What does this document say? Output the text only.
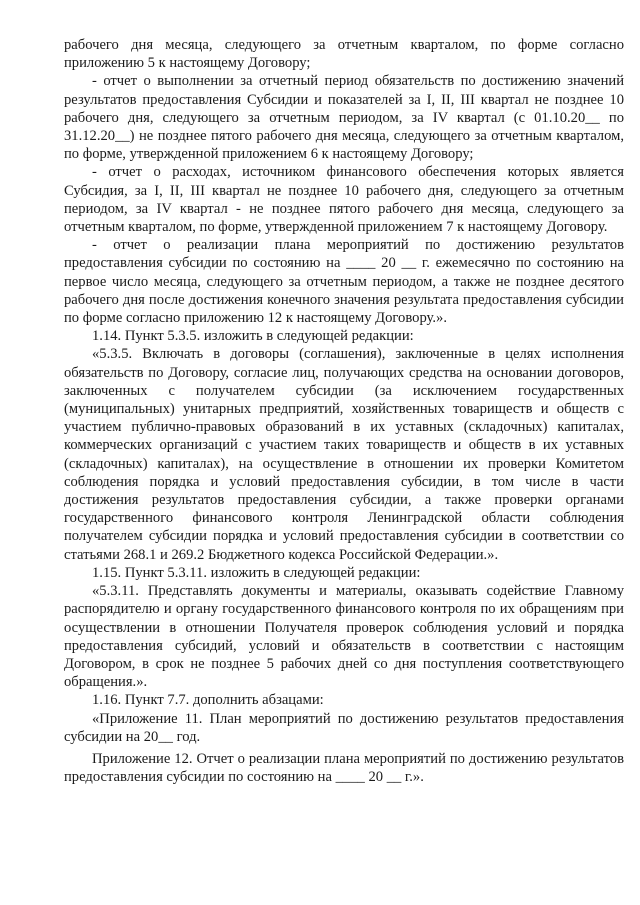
рабочего дня месяца, следующего за отчетным кварталом, по форме согласно приложению 5 к настоящему Договору;

- отчет о выполнении за отчетный период обязательств по достижению значений результатов предоставления Субсидии и показателей за I, II, III квартал не позднее 10 рабочего дня, следующего за отчетным периодом, за IV квартал (с 01.10.20__ по 31.12.20__) не позднее пятого рабочего дня месяца, следующего за отчетным кварталом, по форме, утвержденной приложением 6 к настоящему Договору;

- отчет о расходах, источником финансового обеспечения которых является Субсидия, за I, II, III квартал не позднее 10 рабочего дня, следующего за отчетным периодом, за IV квартал - не позднее пятого рабочего дня месяца, следующего за отчетным кварталом, по форме, утвержденной приложением 7 к настоящему Договору.

- отчет о реализации плана мероприятий по достижению результатов предоставления субсидии по состоянию на ____ 20 __ г. ежемесячно по состоянию на первое число месяца, следующего за отчетным периодом, а также не позднее десятого рабочего дня после достижения конечного значения результата предоставления субсидии по форме согласно приложению 12 к настоящему Договору.».

1.14. Пункт 5.3.5. изложить в следующей редакции:

«5.3.5. Включать в договоры (соглашения), заключенные в целях исполнения обязательств по Договору, согласие лиц, получающих средства на основании договоров, заключенных с получателем субсидии (за исключением государственных (муниципальных) унитарных предприятий, хозяйственных товариществ и обществ с участием публично-правовых образований в их уставных (складочных) капиталах, коммерческих организаций с участием таких товариществ и обществ в их уставных (складочных) капиталах), на осуществление в отношении их проверки Комитетом соблюдения порядка и условий предоставления субсидии, в том числе в части достижения результатов предоставления субсидии, а также проверки органами государственного финансового контроля Ленинградской области соблюдения получателем субсидии порядка и условий предоставления субсидии в соответствии со статьями 268.1 и 269.2 Бюджетного кодекса Российской Федерации.».

1.15. Пункт 5.3.11. изложить в следующей редакции:

«5.3.11. Представлять документы и материалы, оказывать содействие Главному распорядителю и органу государственного финансового контроля по их обращениям при осуществлении в отношении Получателя проверок соблюдения условий и порядка предоставления субсидий, условий и обязательств в соответствии с настоящим Договором, в срок не позднее 5 рабочих дней со дня поступления соответствующего обращения.».

1.16. Пункт 7.7. дополнить абзацами:

«Приложение 11. План мероприятий по достижению результатов предоставления субсидии на 20__ год.

Приложение 12. Отчет о реализации плана мероприятий по достижению результатов предоставления субсидии по состоянию на ____ 20 __ г.».
